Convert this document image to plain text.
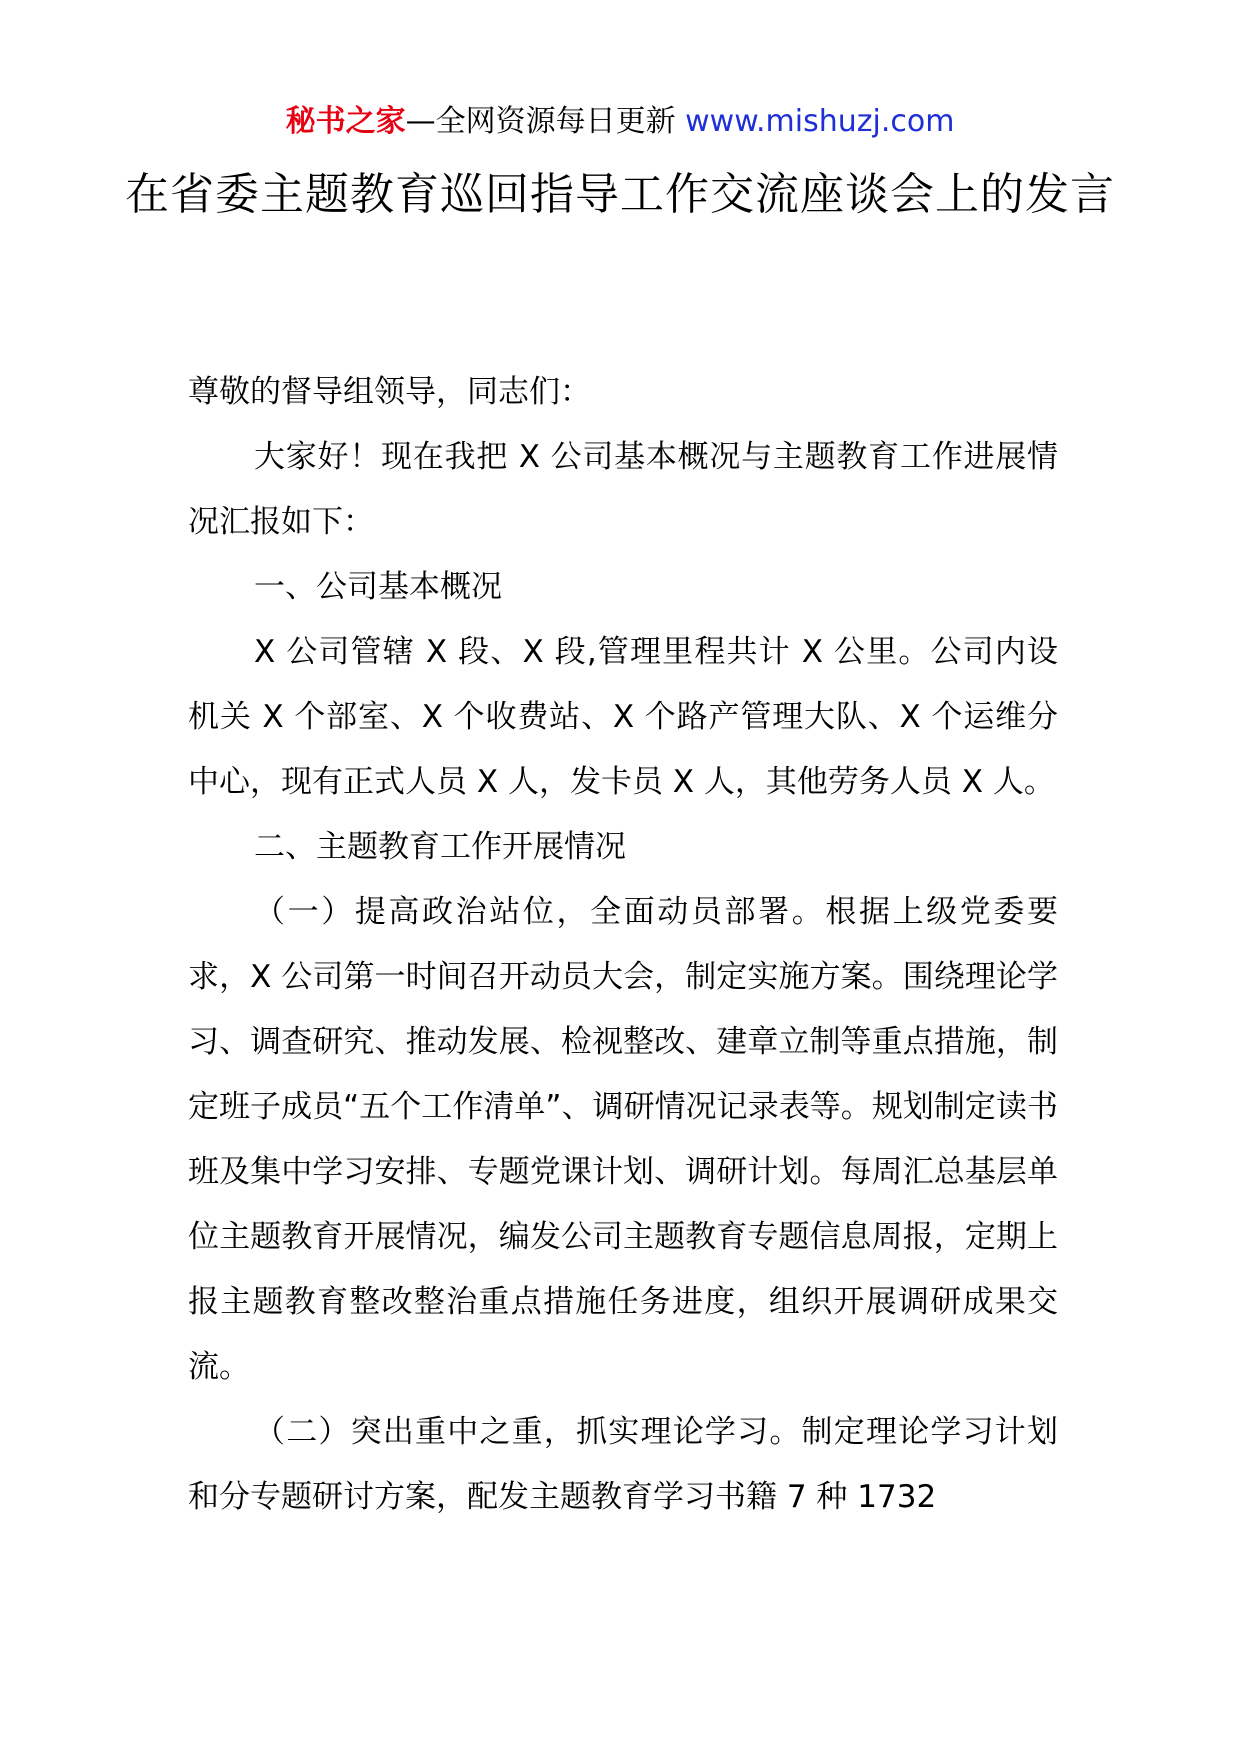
秘书之家—全网资源每日更新 www.mishuzj.com
在省委主题教育巡回指导工作交流座谈会上的发言

尊敬的督导组领导，同志们：

大家好！现在我把 X 公司基本概况与主题教育工作进展情况汇报如下：

一、公司基本概况

X 公司管辖 X 段、X 段,管理里程共计 X 公里。公司内设机关 X 个部室、X 个收费站、X 个路产管理大队、X 个运维分中心，现有正式人员 X 人，发卡员 X 人，其他劳务人员 X 人。

二、主题教育工作开展情况

（一）提高政治站位，全面动员部署。根据上级党委要求，X 公司第一时间召开动员大会，制定实施方案。围绕理论学习、调查研究、推动发展、检视整改、建章立制等重点措施，制定班子成员“五个工作清单”、调研情况记录表等。规划制定读书班及集中学习安排、专题党课计划、调研计划。每周汇总基层单位主题教育开展情况，编发公司主题教育专题信息周报，定期上报主题教育整改整治重点措施任务进度，组织开展调研成果交流。

（二）突出重中之重，抓实理论学习。制定理论学习计划和分专题研讨方案，配发主题教育学习书籍 7 种 1732
